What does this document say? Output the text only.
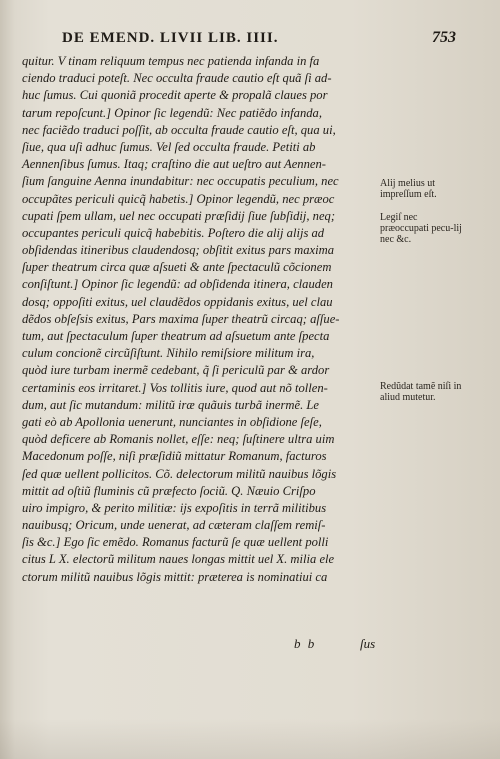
DE EMEND. LIVII LIB. IIII.	753
quitur. V tinam reliquum tempus nec patienda infanda in fa
ciendo traduci poteſt. Nec occulta fraude cautio eſt quã ſi ad-
huc ſumus. Cui quoniã procedit aperte & propalã claues por
tarum repoſcunt.] Opinor ſic legendũ: Nec patiẽdo infanda,
nec faciẽdo traduci poſſit, ab occulta fraude cautio eſt, qua ui,
ſiue, qua uſi adhuc ſumus. Vel ſed occulta fraude. Petiti ab
Aennenſibus ſumus. Itaq; craſtino die aut ueſtro aut Aennen-
ſium ſanguine Aenna inundabitur: nec occupatis peculium, nec
occupãtes periculi quicq̃ habetis.] Opinor legendũ, nec præoc
cupati ſpem ullam, uel nec occupati præſidij ſiue ſubſidij, neq;
occupantes periculi quicq̃ habebitis. Poſtero die alij alijs ad
obſidendas itineribus claudendosq; obſitit exitus pars maxima
ſuper theatrum circa quæ aſsueti & ante ſpectaculũ cõcionem
conſiſtunt.] Opinor ſic legendũ: ad obſidenda itinera, clauden
dosq; oppoſiti exitus, uel claudẽdos oppidanis exitus, uel clau
dẽdos obſeſsis exitus, Pars maxima ſuper theatrũ circaq; aſſue-
tum, aut ſpectaculum ſuper theatrum ad aſsuetum ante ſpecta
culum concionẽ circũſiſtunt. Nihilo remiſsiore militum ira,
quòd iure turbam inermẽ cedebant, q̃ ſi periculũ par & ardor
certaminis eos irritaret.] Vos tollitis iure, quod aut nõ tollen-
dum, aut ſic mutandum: militũ iræ quãuis turbã inermẽ. Le
gati eò ab Apollonia uenerunt, nunciantes in obſidione ſeſe,
quòd deficere ab Romanis nollet, eſſe: neq; ſuſtinere ultra uim
Macedonum poſſe, niſi præſidiũ mittatur Romanum, facturos
ſed quæ uellent pollicitos. Cõ. delectorum militũ nauibus lõgis
mittit ad oſtiũ fluminis cũ præfecto ſociũ. Q. Næuio Criſpo
uiro impigro, & perito militiæ: ijs expoſitis in terrã militibus
nauibusq; Oricum, unde uenerat, ad cæteram claſſem remiſ-
ſis &c.] Ego ſic emẽdo. Romanus facturũ ſe quæ uellent polli
citus L X. electorũ militum naues longas mittit uel X. milia ele
ctorum militũ nauibus lõgis mittit: præterea is nominatiui ca
b b	ſus
Alij melius ut impreſſum eſt.
Legiſ nec præoccupati pecu-lij nec &c.
Redũdat tamẽ niſi in aliud mutetur.
